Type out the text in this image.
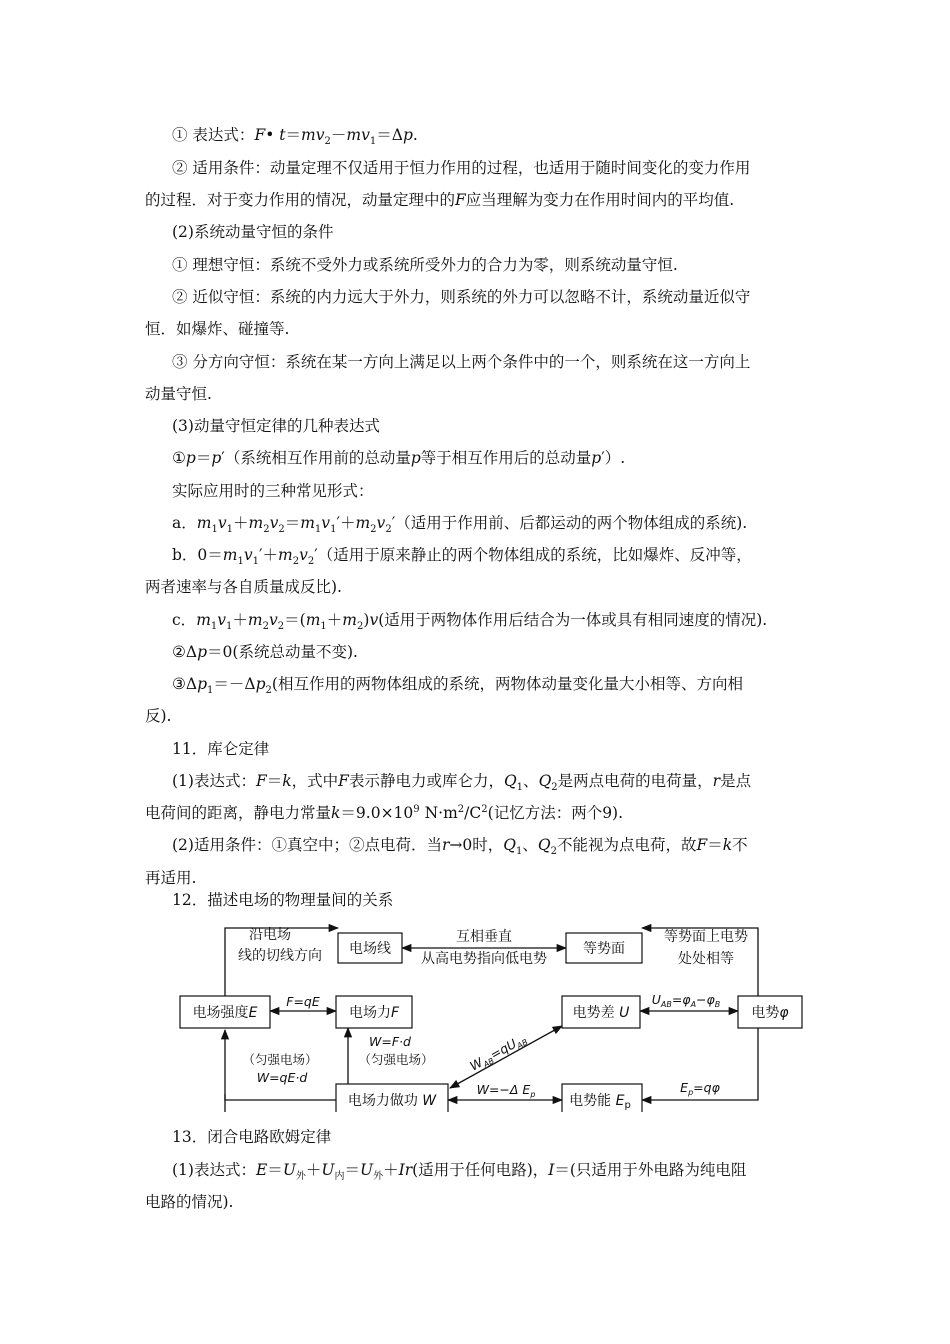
① 表达式：F• $t=mv_2-mv_1=\Delta p$.
② 适用条件：动量定理不仅适用于恒力作用的过程，也适用于随时间变化的变力作用
的过程．对于变力作用的情况，动量定理中的F应当理解为变力在作用时间内的平均值.
(2)系统动量守恒的条件
① 理想守恒：系统不受外力或系统所受外力的合力为零，则系统动量守恒.
② 近似守恒：系统的内力远大于外力，则系统的外力可以忽略不计，系统动量近似守
恒．如爆炸、碰撞等.
③ 分方向守恒：系统在某一方向上满足以上两个条件中的一个，则系统在这一方向上
动量守恒.
(3)动量守恒定律的几种表达式
①p＝p′（系统相互作用前的总动量p等于相互作用后的总动量p′）.
实际应用时的三种常见形式：
a．$m_1v_1+m_2v_2=m_1v_1'+m_2v_2'$（适用于作用前、后都运动的两个物体组成的系统).
b．$0=m_1v_1'+m_2v_2'$（适用于原来静止的两个物体组成的系统，比如爆炸、反冲等，
两者速率与各自质量成反比).
c．$m_1v_1+m_2v_2=(m_1+m_2)v$(适用于两物体作用后结合为一体或具有相同速度的情况).
②Δp＝0(系统总动量不变).
$③\Delta p_1=-\Delta p_2$(相互作用的两物体组成的系统，两物体动量变化量大小相等、方向相
反).
11．库仑定律
(1)表达式：F＝k，式中F表示静电力或库仑力，$Q_1$、$Q_2$是两点电荷的电荷量，r是点
电荷间的距离，静电力常量$k=9.0\times 10^9$ $N\cdot m^2/C^2$(记忆方法：两个9).
(2)适用条件：①真空中；②点电荷．当r→0时，$Q_1$、$Q_2$不能视为点电荷，故F＝k不
再适用.
12．描述电场的物理量间的关系
电场线	等势面
电场强度E	电场力F	电势差 U	电势φ
电场力做功 W	电势能 $E_p$
沿电场
线的切线方向
互相垂直
从高电势指向低电势
等势面上电势
处处相等
F=qE	$U_{AB}=\varphi_A-\varphi_B$
W=F·d
（匀强电场）
（匀强电场）
W=qE·d
$W_{AB}=qU_{AB}$
W=−Δ $E_p$	$E_p=q\varphi$
13．闭合电路欧姆定律
(1)表达式：$E=U_外+U_内=U_外+Ir$(适用于任何电路)，I＝(只适用于外电路为纯电阻
电路的情况).
